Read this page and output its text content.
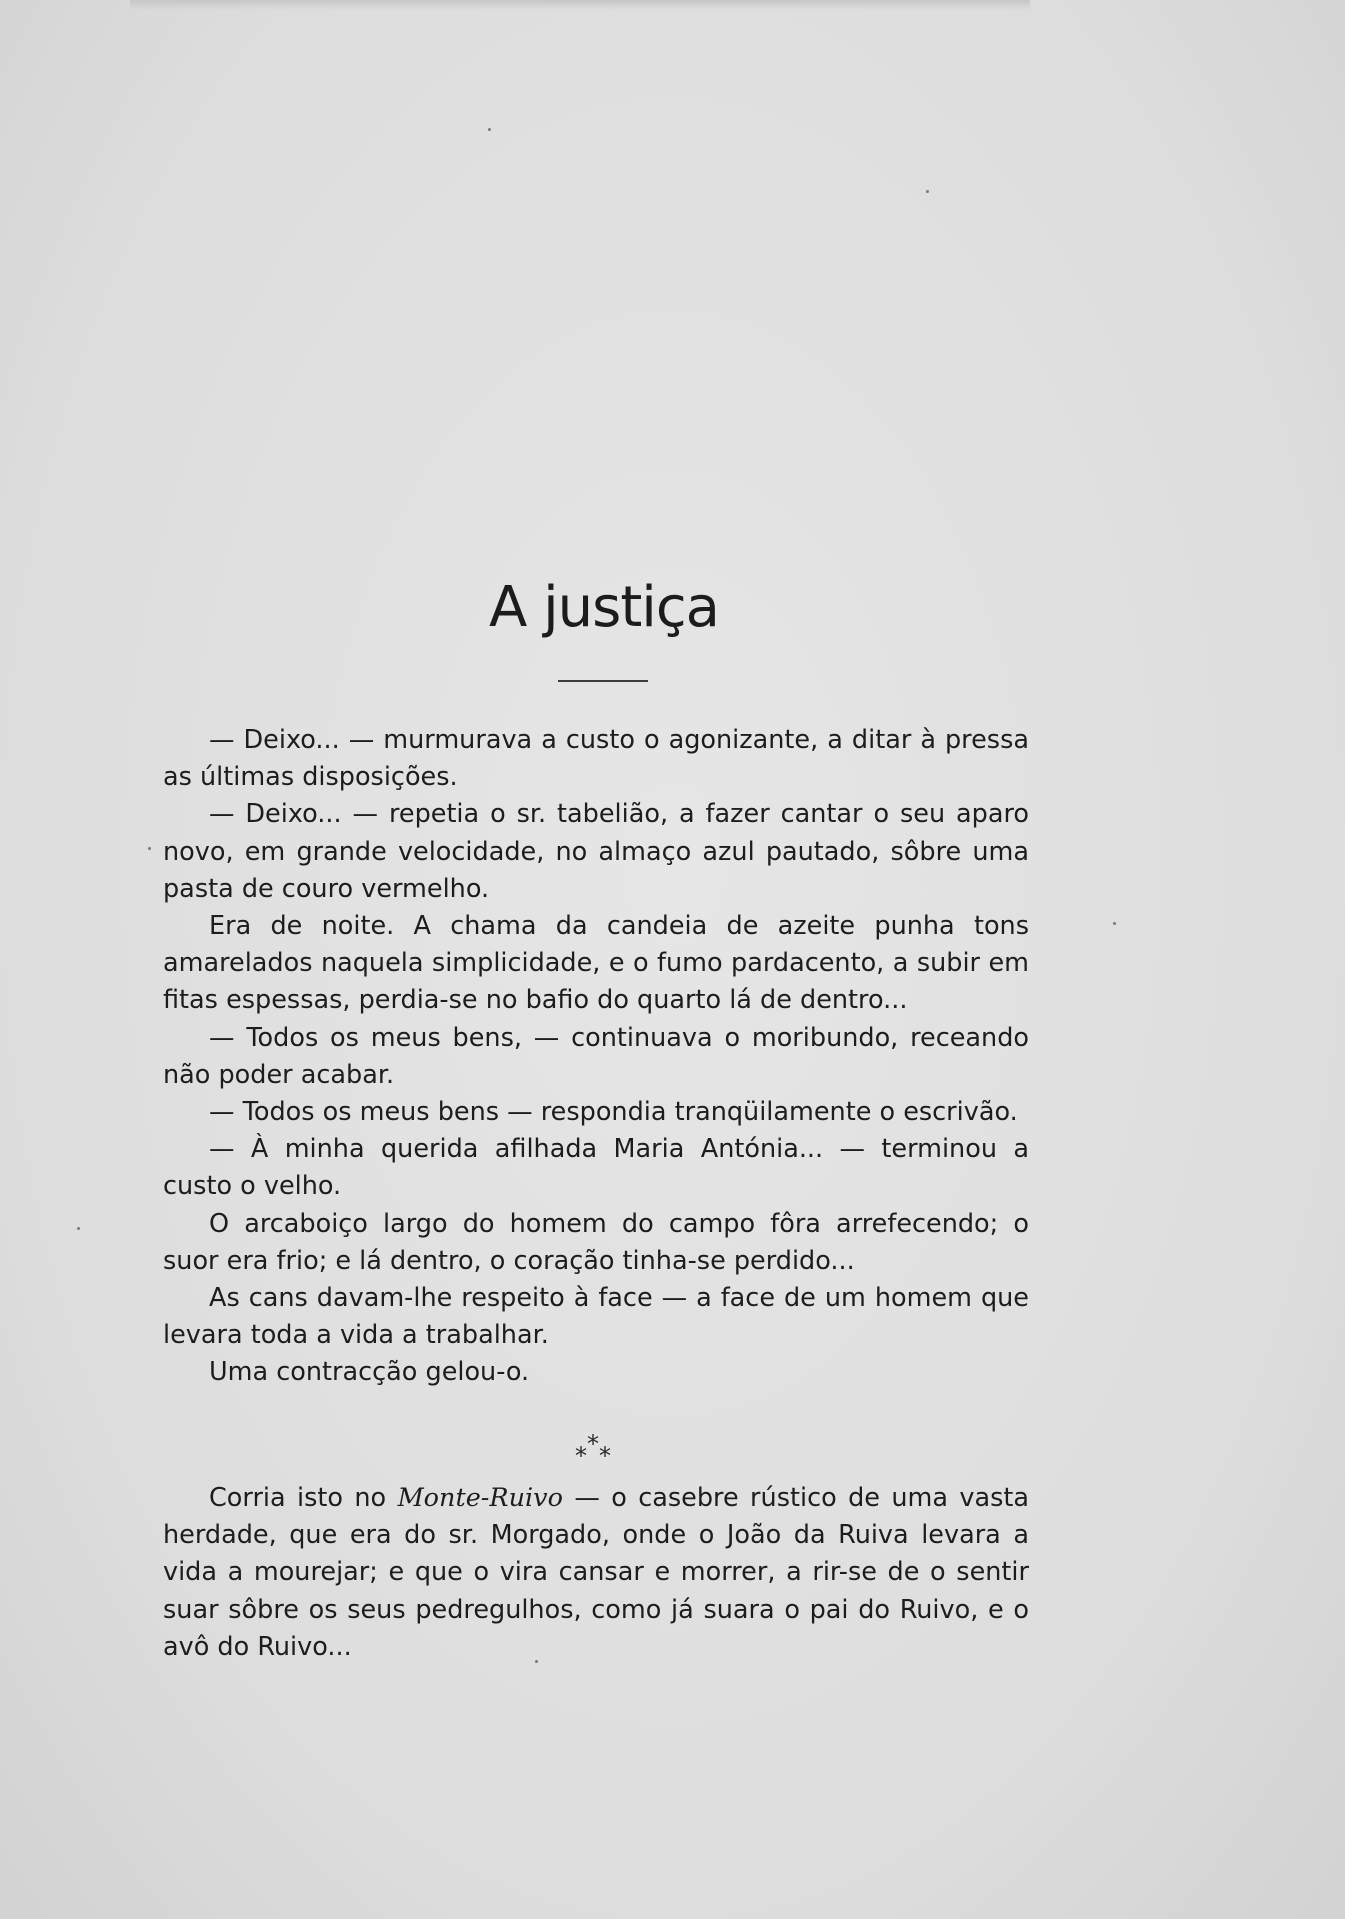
A justiça

— Deixo... — murmurava a custo o agonizante, a ditar à pressa as últimas disposições.

— Deixo... — repetia o sr. tabelião, a fazer cantar o seu aparo novo, em grande velocidade, no almaço azul pautado, sôbre uma pasta de couro vermelho.

Era de noite. A chama da candeia de azeite punha tons amarelados naquela simplicidade, e o fumo pardacento, a subir em fitas espessas, perdia-se no bafio do quarto lá de dentro...

— Todos os meus bens, — continuava o moribundo, receando não poder acabar.

— Todos os meus bens — respondia tranqüilamente o escrivão.

— À minha querida afilhada Maria Antónia... — terminou a custo o velho.

O arcaboiço largo do homem do campo fôra arrefecendo; o suor era frio; e lá dentro, o coração tinha-se perdido...

As cans davam-lhe respeito à face — a face de um homem que levara toda a vida a trabalhar.

Uma contracção gelou-o.

*
* *

Corria isto no Monte-Ruivo — o casebre rústico de uma vasta herdade, que era do sr. Morgado, onde o João da Ruiva levara a vida a mourejar; e que o vira cansar e morrer, a rir-se de o sentir suar sôbre os seus pedregulhos, como já suara o pai do Ruivo, e o avô do Ruivo...
